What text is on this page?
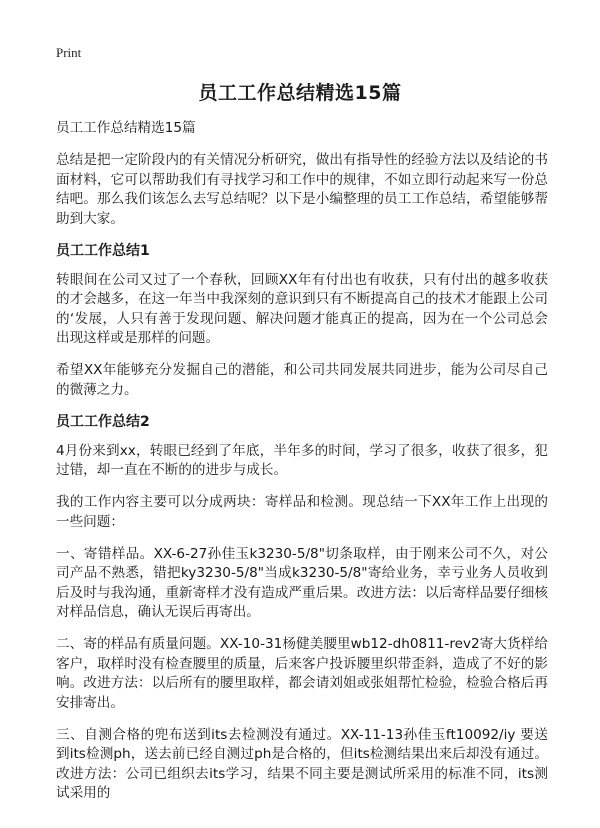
Print
员工工作总结精选15篇

员工工作总结精选15篇

总结是把一定阶段内的有关情况分析研究，做出有指导性的经验方法以及结论的书面材料，它可以帮助我们有寻找学习和工作中的规律，不如立即行动起来写一份总结吧。那么我们该怎么去写总结呢？以下是小编整理的员工工作总结，希望能够帮助到大家。

员工工作总结1

转眼间在公司又过了一个春秋，回顾XX年有付出也有收获，只有付出的越多收获的才会越多，在这一年当中我深刻的意识到只有不断提高自己的技术才能跟上公司的‘发展，人只有善于发现问题、解决问题才能真正的提高，因为在一个公司总会出现这样或是那样的问题。

希望XX年能够充分发掘自己的潜能，和公司共同发展共同进步，能为公司尽自己的微薄之力。

员工工作总结2

4月份来到xx，转眼已经到了年底，半年多的时间，学习了很多，收获了很多，犯过错，却一直在不断的的进步与成长。

我的工作内容主要可以分成两块：寄样品和检测。现总结一下XX年工作上出现的一些问题：

一、寄错样品。XX-6-27孙佳玉k3230-5/8"切条取样，由于刚来公司不久，对公司产品不熟悉，错把ky3230-5/8"当成k3230-5/8"寄给业务，幸亏业务人员收到后及时与我沟通，重新寄样才没有造成严重后果。改进方法：以后寄样品要仔细核对样品信息，确认无误后再寄出。

二、寄的样品有质量问题。XX-10-31杨健美腰里wb12-dh0811-rev2寄大货样给客户，取样时没有检查腰里的质量，后来客户投诉腰里织带歪斜，造成了不好的影响。改进方法：以后所有的腰里取样，都会请刘姐或张姐帮忙检验，检验合格后再安排寄出。

三、自测合格的兜布送到its去检测没有通过。XX-11-13孙佳玉ft10092/iy 要送到its检测ph，送去前已经自测过ph是合格的，但its检测结果出来后却没有通过。改进方法：公司已组织去its学习，结果不同主要是测试所采用的标准不同，its测试采用的
